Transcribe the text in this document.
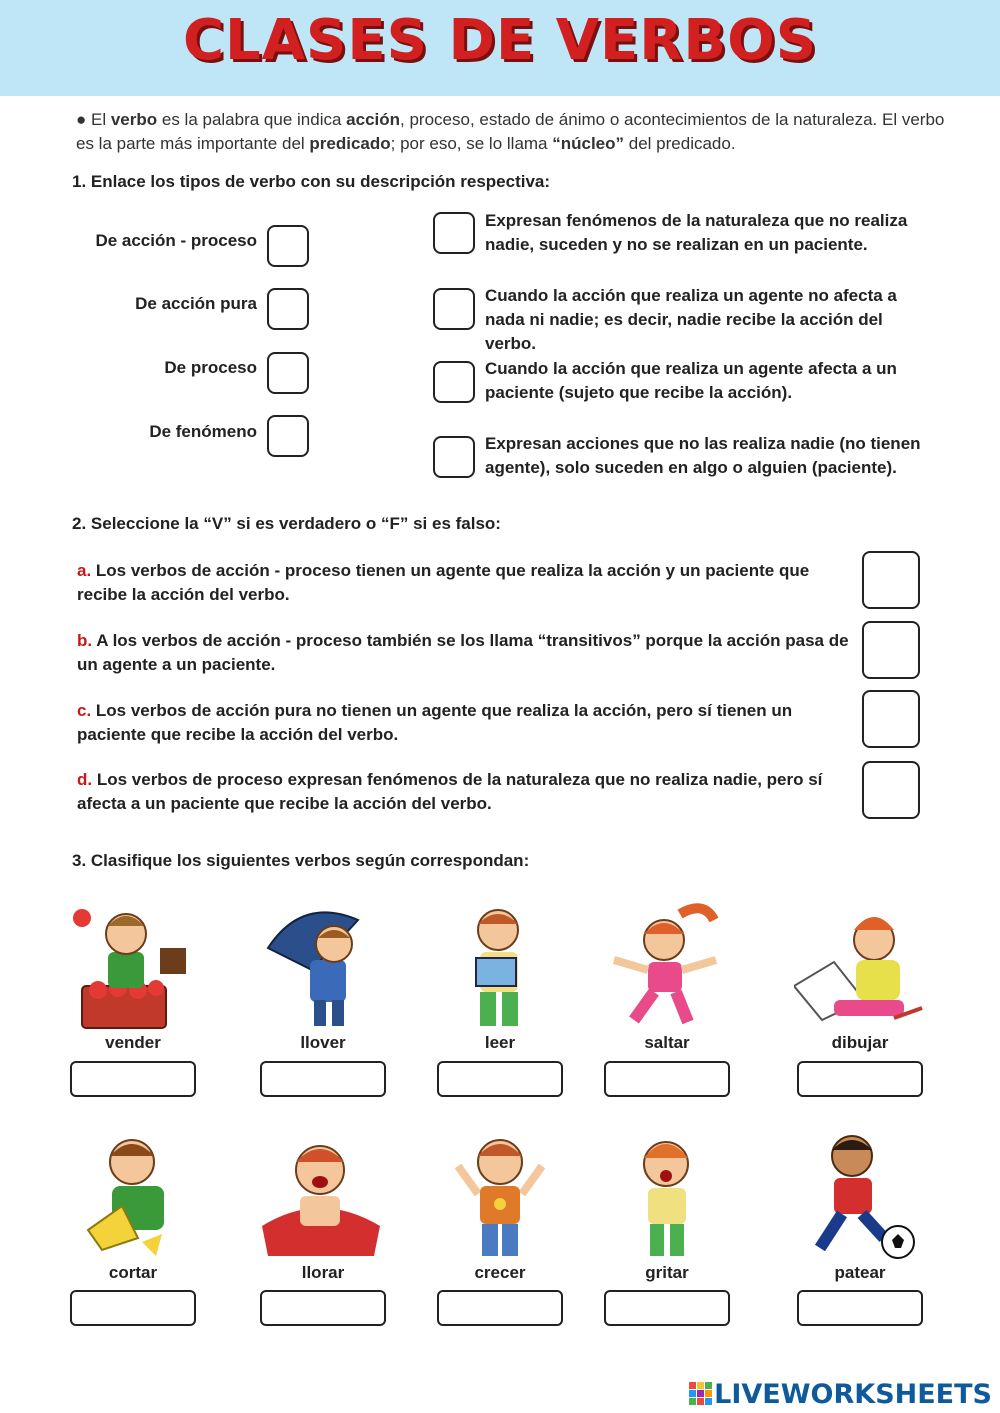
CLASES DE VERBOS
● El verbo es la palabra que indica acción, proceso, estado de ánimo o acontecimientos de la naturaleza. El verbo es la parte más importante del predicado; por eso, se lo llama “núcleo” del predicado.
1. Enlace los tipos de verbo con su descripción respectiva:
De acción - proceso
De acción pura
De proceso
De fenómeno
Expresan fenómenos de la naturaleza que no realiza nadie, suceden y no se realizan en un paciente.
Cuando la acción que realiza un agente no afecta a nada ni nadie; es decir, nadie recibe la acción del verbo.
Cuando la acción que realiza un agente afecta a un paciente (sujeto que recibe la acción).
Expresan acciones que no las realiza nadie (no tienen agente), solo suceden en algo o alguien (paciente).
2. Seleccione la “V” si es verdadero o “F” si es falso:
a. Los verbos de acción - proceso tienen un agente que realiza la acción y un paciente que recibe la acción del verbo.
b. A los verbos de acción - proceso también se los llama “transitivos” porque la acción pasa de un agente a un paciente.
c. Los verbos de acción pura no tienen un agente que realiza la acción, pero sí tienen un paciente que recibe la acción del verbo.
d. Los verbos de proceso expresan fenómenos de la naturaleza que no realiza nadie, pero sí afecta a un paciente que recibe la acción del verbo.
3. Clasifique los siguientes verbos según correspondan:
vender	llover	leer	saltar	dibujar
cortar	llorar	crecer	gritar	patear
LIVEWORKSHEETS
